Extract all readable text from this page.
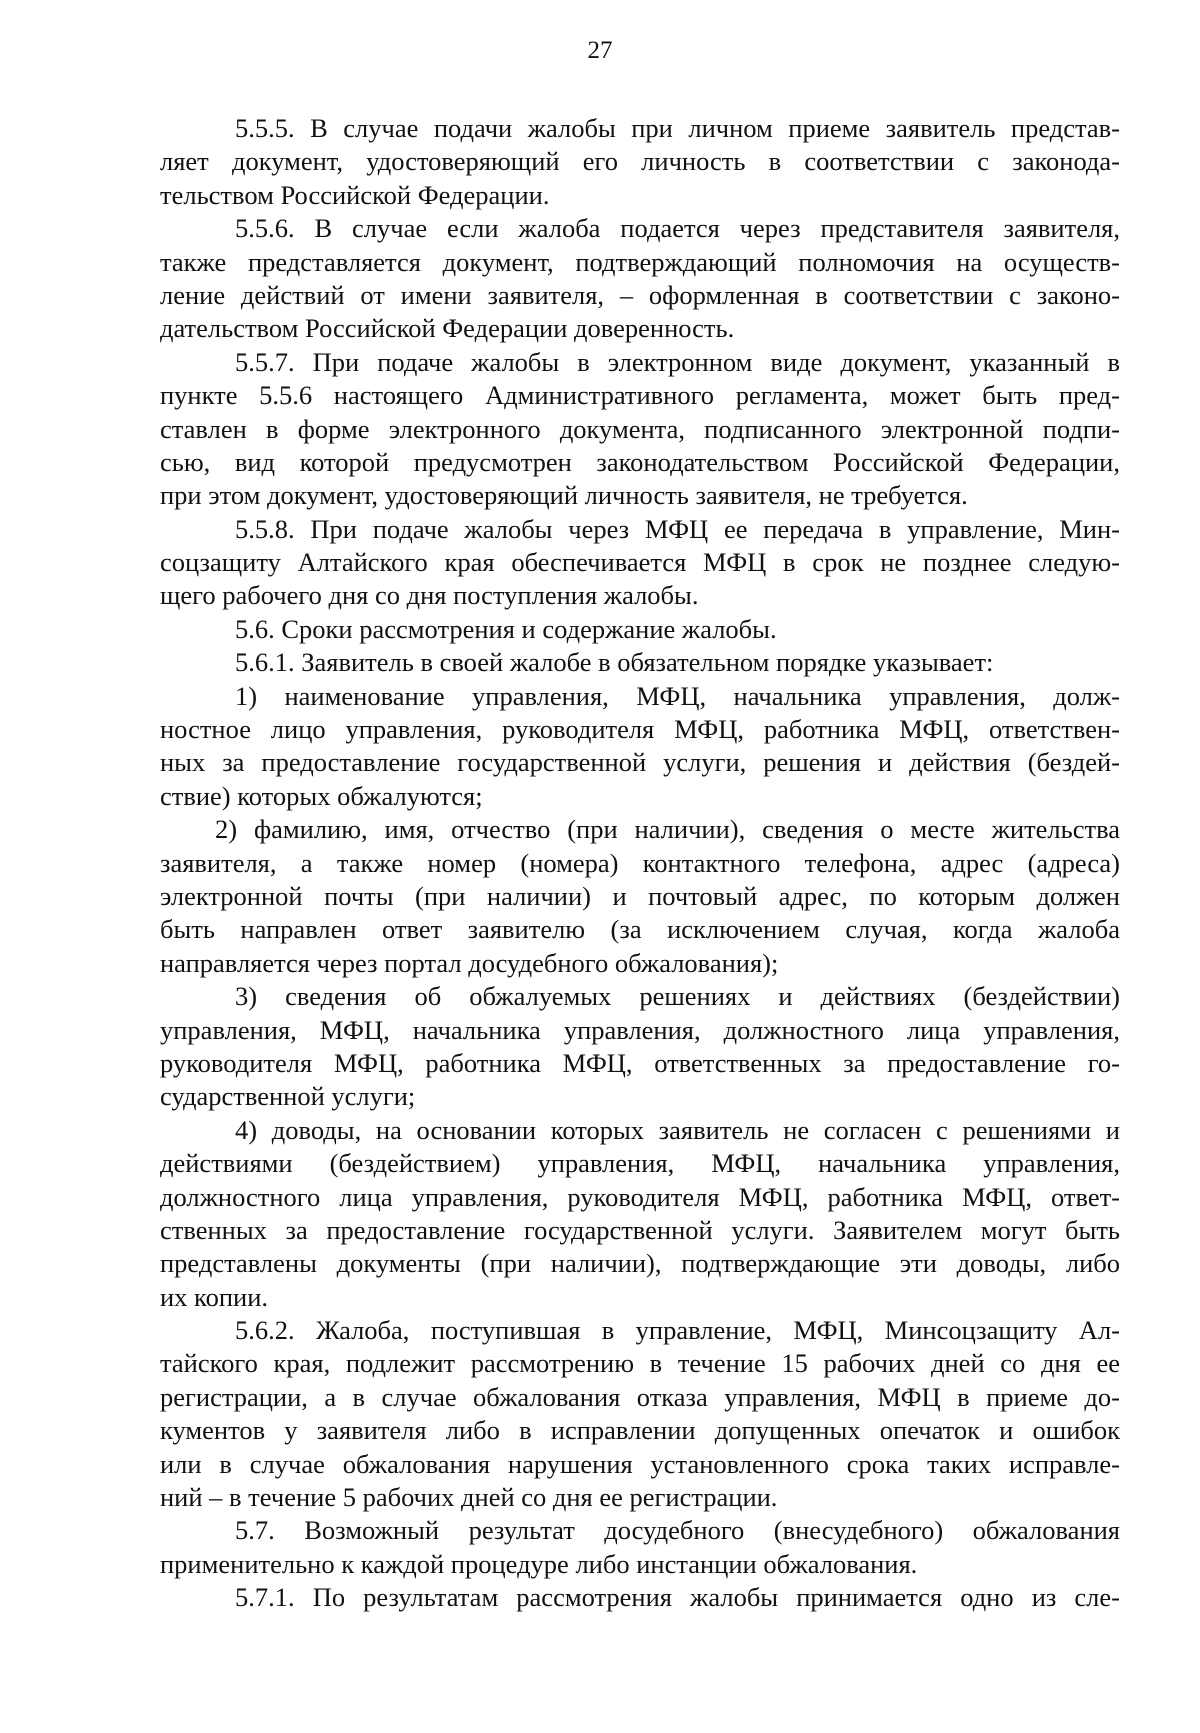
27
5.5.5. В случае подачи жалобы при личном приеме заявитель представ-
ляет документ, удостоверяющий его личность в соответствии с законода-
тельством Российской Федерации.
5.5.6. В случае если жалоба подается через представителя заявителя,
также представляется документ, подтверждающий полномочия на осуществ-
ление действий от имени заявителя, – оформленная в соответствии с законо-
дательством Российской Федерации доверенность.
5.5.7. При подаче жалобы в электронном виде документ, указанный в
пункте 5.5.6 настоящего Административного регламента, может быть пред-
ставлен в форме электронного документа, подписанного электронной подпи-
сью, вид которой предусмотрен законодательством Российской Федерации,
при этом документ, удостоверяющий личность заявителя, не требуется.
5.5.8. При подаче жалобы через МФЦ ее передача в управление, Мин-
соцзащиту Алтайского края обеспечивается МФЦ в срок не позднее следую-
щего рабочего дня со дня поступления жалобы.
5.6. Сроки рассмотрения и содержание жалобы.
5.6.1. Заявитель в своей жалобе в обязательном порядке указывает:
1) наименование управления, МФЦ, начальника управления, долж-
ностное лицо управления, руководителя МФЦ, работника МФЦ, ответствен-
ных за предоставление государственной услуги, решения и действия (бездей-
ствие) которых обжалуются;
2) фамилию, имя, отчество (при наличии), сведения о месте жительства
заявителя, а также номер (номера) контактного телефона, адрес (адреса)
электронной почты (при наличии) и почтовый адрес, по которым должен
быть направлен ответ заявителю (за исключением случая, когда жалоба
направляется через портал досудебного обжалования);
3) сведения об обжалуемых решениях и действиях (бездействии)
управления, МФЦ, начальника управления, должностного лица управления,
руководителя МФЦ, работника МФЦ, ответственных за предоставление го-
сударственной услуги;
4) доводы, на основании которых заявитель не согласен с решениями и
действиями (бездействием) управления, МФЦ, начальника управления,
должностного лица управления, руководителя МФЦ, работника МФЦ, ответ-
ственных за предоставление государственной услуги. Заявителем могут быть
представлены документы (при наличии), подтверждающие эти доводы, либо
их копии.
5.6.2. Жалоба, поступившая в управление, МФЦ, Минсоцзащиту Ал-
тайского края, подлежит рассмотрению в течение 15 рабочих дней со дня ее
регистрации, а в случае обжалования отказа управления, МФЦ в приеме до-
кументов у заявителя либо в исправлении допущенных опечаток и ошибок
или в случае обжалования нарушения установленного срока таких исправле-
ний – в течение 5 рабочих дней со дня ее регистрации.
5.7. Возможный результат досудебного (внесудебного) обжалования
применительно к каждой процедуре либо инстанции обжалования.
5.7.1. По результатам рассмотрения жалобы принимается одно из сле-
